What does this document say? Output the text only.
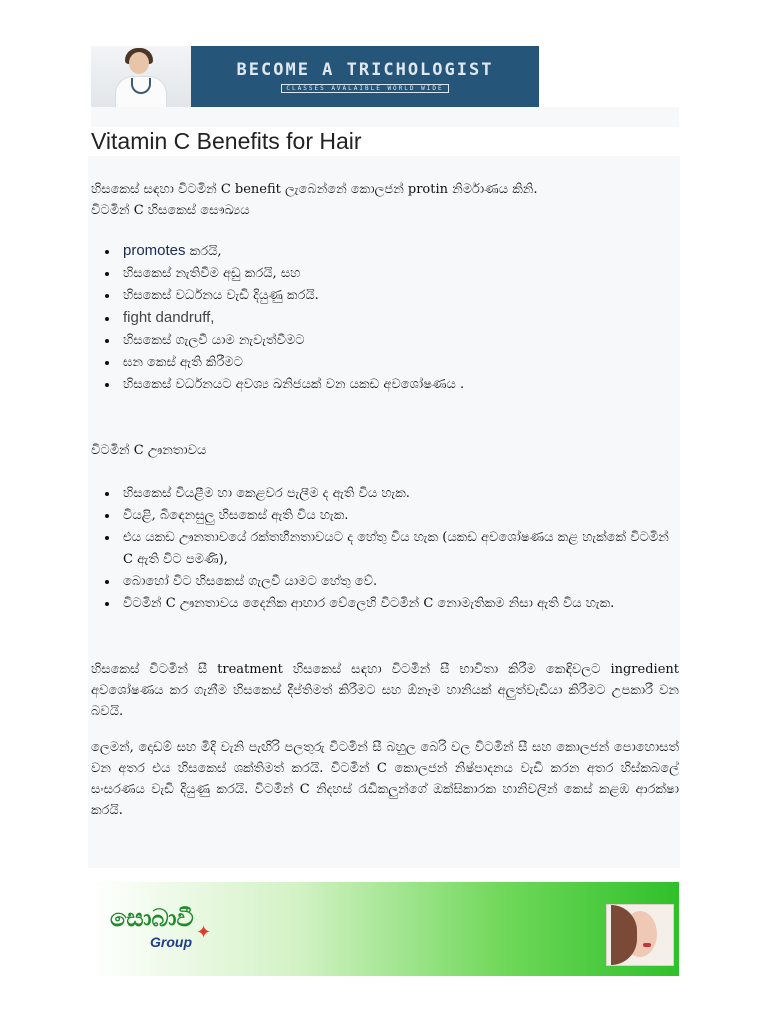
BECOME A TRICHOLOGIST
CLASSES AVALAIBLE WORLD WIDE
Vitamin C Benefits for Hair

හිසකෙස් සඳහා විටමින් C benefit ලැබෙන්නේ කොලජන් protin නිර්මාණය කිනි.

විටමින් C හිසකෙස් සෞඛ්‍යය

• promotes කරයි,
• හිසකෙස් නැතිවීම අඩු කරයි, සහ
• හිසකෙස් වර්ධනය වැඩි දියුණු කරයි.
• fight dandruff,
• හිසකෙස් ගැලවී යාම නැවැත්වීමට
• ඝන කෙස් ඇති කිරීමට
• හිසකෙස් වර්ධනයට අවශ්‍ය ඛනිජයක් වන යකඩ අවශෝෂණය .

විටමින් C ඌනතාවය

• හිසකෙස් වියළීම හා කෙළවර පැලීම ද ඇති විය හැක.
• වියළි, බිඳෙනසුලු හිසකෙස් ඇති විය හැක.
• එය යකඩ ඌනතාවයේ රක්තහීනතාවයට ද හේතු විය හැක (යකඩ අවශෝෂණය කළ හැක්කේ විටමින් C ඇති විට පමණි),
• බොහෝ විට හිසකෙස් ගැලවී යාමට හේතු වේ.
• විටමින් C ඌනතාවය දෛනික ආහාර වේලෙහි විටමින් C නොමැතිකම නිසා ඇති විය හැක.

හිසකෙස් විටමින් සී treatment හිසකෙස් සඳහා විටමින් සී භාවිතා කිරීම කෙඳිවලට ingredient අවශෝෂණය කර ගැනීම හිසකෙස් දීප්තිමත් කිරීමට සහ ඕනෑම හානියක් අලුත්වැඩියා කිරීමට උපකාරී වන බවයි.

ලෙමන්, දොඩම් සහ මිදි වැනි පැඟිරි පලතුරු විටමින් සී බහුල බෙරි වල විටමින් සී සහ කොලජන් පොහොසත් වන අතර එය හිසකෙස් ශක්තිමත් කරයි. විටමින් C කොලජන් නිෂ්පාදනය වැඩි කරන අතර හිස්කබලේ සංසරණය වැඩි දියුණු කරයි. විටමින් C නිදහස් රැඩිකලුන්ගේ ඔක්සිකාරක හානිවලින් කෙස් කළඹ ආරක්ෂා කරයි.

සොබාවී
✦
Group
